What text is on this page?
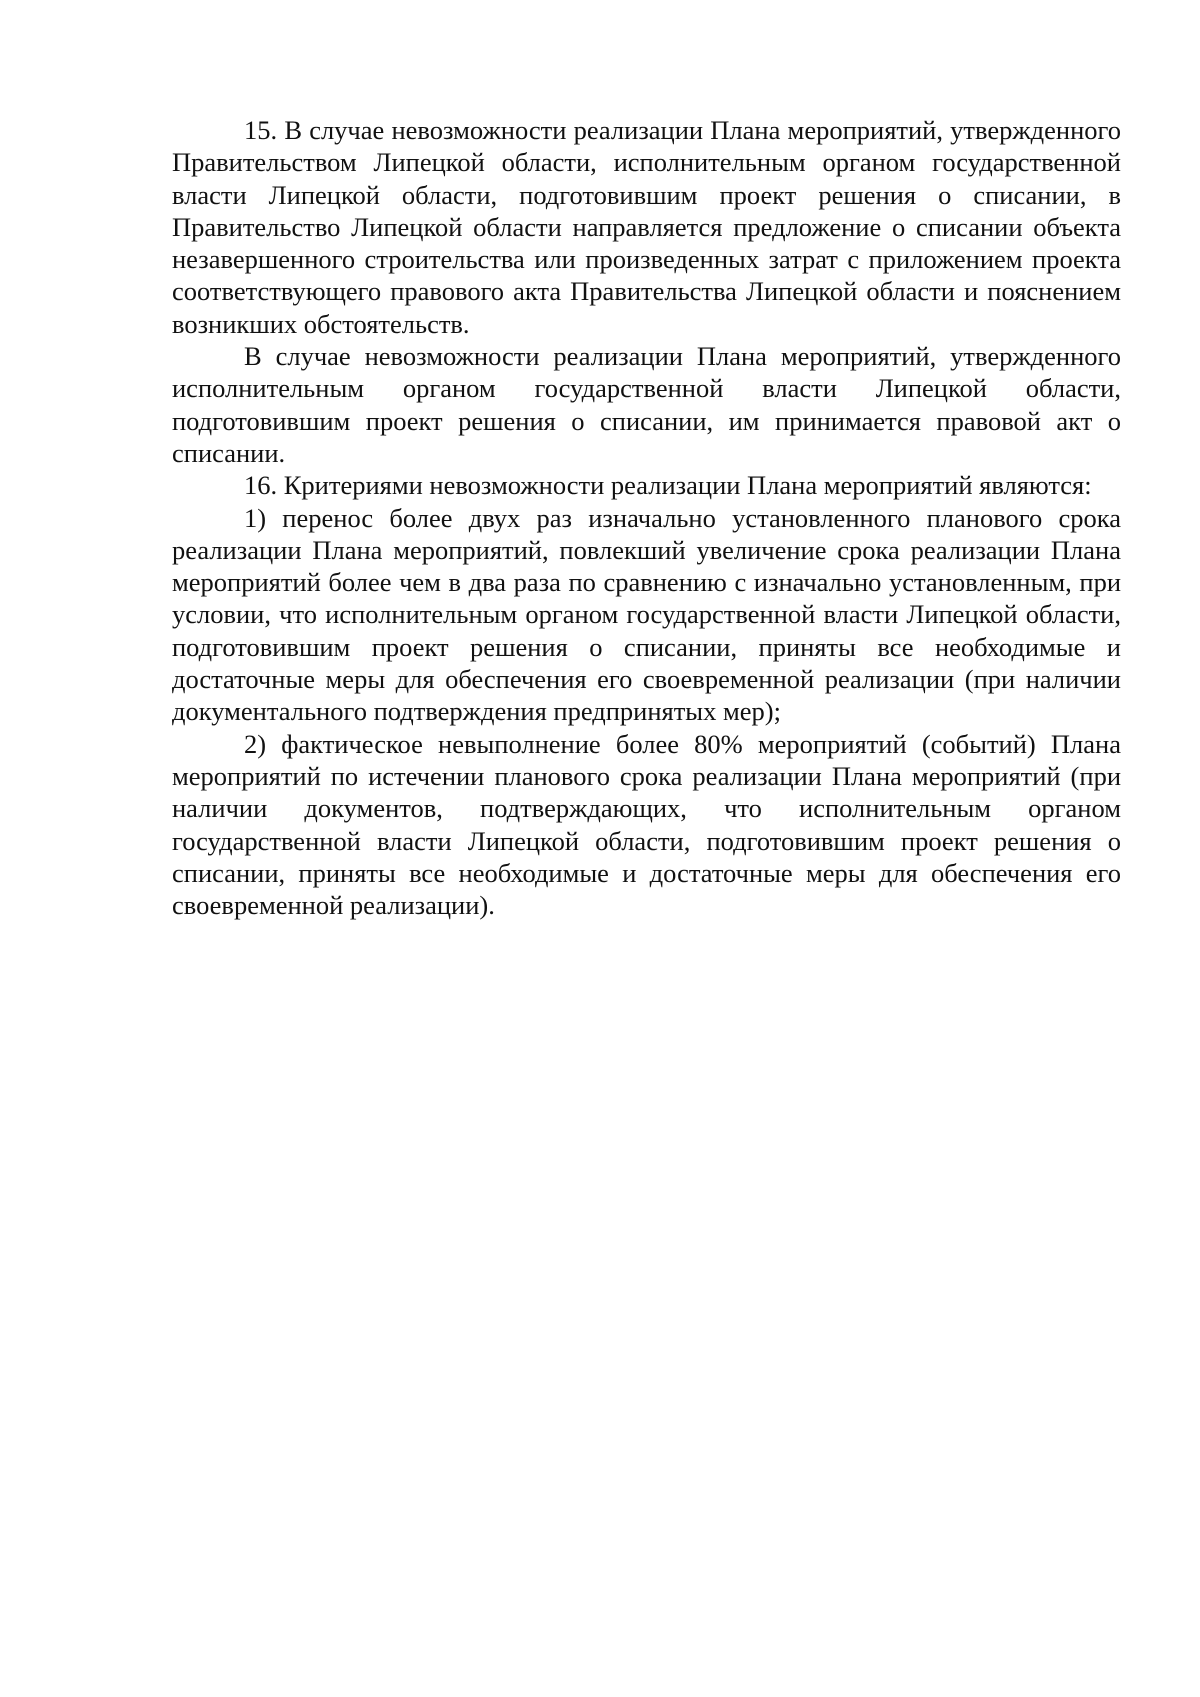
15. В случае невозможности реализации Плана мероприятий, утвержденного Правительством Липецкой области, исполнительным органом государственной власти Липецкой области, подготовившим проект решения о списании, в Правительство Липецкой области направляется предложение о списании объекта незавершенного строительства или произведенных затрат с приложением проекта соответствующего правового акта Правительства Липецкой области и пояснением возникших обстоятельств.

В случае невозможности реализации Плана мероприятий, утвержденного исполнительным органом государственной власти Липецкой области, подготовившим проект решения о списании, им принимается правовой акт о списании.

16. Критериями невозможности реализации Плана мероприятий являются:

1) перенос более двух раз изначально установленного планового срока реализации Плана мероприятий, повлекший увеличение срока реализации Плана мероприятий более чем в два раза по сравнению с изначально установленным, при условии, что исполнительным органом государственной власти Липецкой области, подготовившим проект решения о списании, приняты все необходимые и достаточные меры для обеспечения его своевременной реализации (при наличии документального подтверждения предпринятых мер);

2) фактическое невыполнение более 80% мероприятий (событий) Плана мероприятий по истечении планового срока реализации Плана мероприятий (при наличии документов, подтверждающих, что исполнительным органом государственной власти Липецкой области, подготовившим проект решения о списании, приняты все необходимые и достаточные меры для обеспечения его своевременной реализации).
